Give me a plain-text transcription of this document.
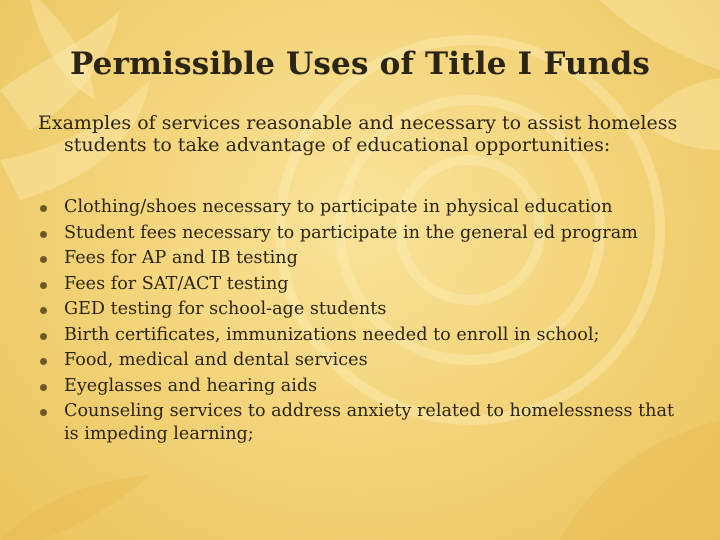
Permissible Uses of Title I Funds

Examples of services reasonable and necessary to assist homeless students to take advantage of educational opportunities:

Clothing/shoes necessary to participate in physical education
Student fees necessary to participate in the general ed program
Fees for AP and IB testing
Fees for SAT/ACT testing
GED testing for school-age students
Birth certificates, immunizations needed to enroll in school;
Food, medical and dental services
Eyeglasses and hearing aids
Counseling services to address anxiety related to homelessness that is impeding learning;
